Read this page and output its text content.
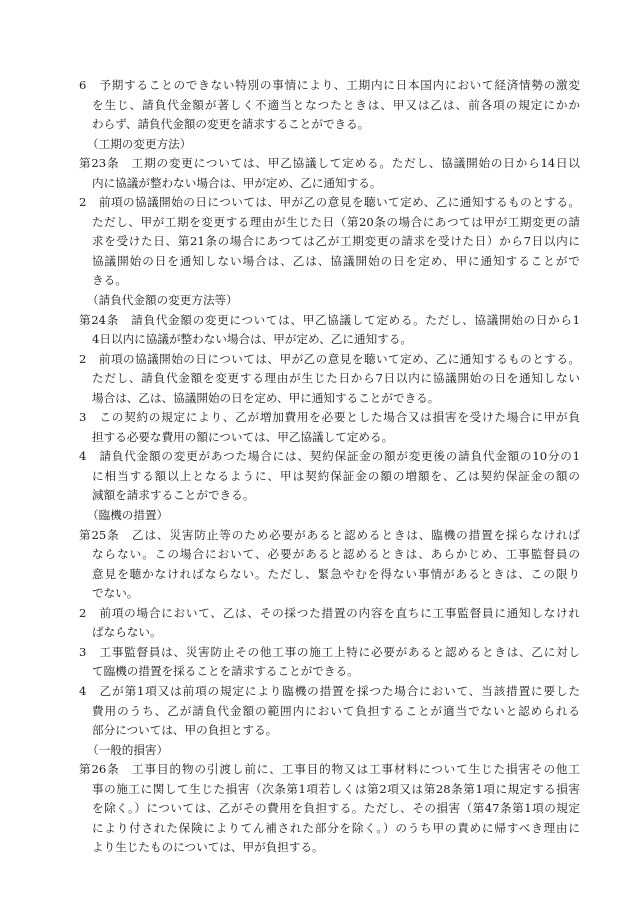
6　予期することのできない特別の事情により、工期内に日本国内において経済情勢の激変
を生じ、請負代金額が著しく不適当となつたときは、甲又は乙は、前各項の規定にかか
わらず、請負代金額の変更を請求することができる。
（工期の変更方法）
第23条　工期の変更については、甲乙協議して定める。ただし、協議開始の日から14日以
内に協議が整わない場合は、甲が定め、乙に通知する。
2　前項の協議開始の日については、甲が乙の意見を聴いて定め、乙に通知するものとする。
ただし、甲が工期を変更する理由が生じた日（第20条の場合にあつては甲が工期変更の請
求を受けた日、第21条の場合にあつては乙が工期変更の請求を受けた日）から7日以内に
協議開始の日を通知しない場合は、乙は、協議開始の日を定め、甲に通知することがで
きる。
（請負代金額の変更方法等）
第24条　請負代金額の変更については、甲乙協議して定める。ただし、協議開始の日から1
4日以内に協議が整わない場合は、甲が定め、乙に通知する。
2　前項の協議開始の日については、甲が乙の意見を聴いて定め、乙に通知するものとする。
ただし、請負代金額を変更する理由が生じた日から7日以内に協議開始の日を通知しない
場合は、乙は、協議開始の日を定め、甲に通知することができる。
3　この契約の規定により、乙が増加費用を必要とした場合又は損害を受けた場合に甲が負
担する必要な費用の額については、甲乙協議して定める。
4　請負代金額の変更があつた場合には、契約保証金の額が変更後の請負代金額の10分の1
に相当する額以上となるように、甲は契約保証金の額の増額を、乙は契約保証金の額の
減額を請求することができる。
（臨機の措置）
第25条　乙は、災害防止等のため必要があると認めるときは、臨機の措置を採らなければ
ならない。この場合において、必要があると認めるときは、あらかじめ、工事監督員の
意見を聴かなければならない。ただし、緊急やむを得ない事情があるときは、この限り
でない。
2　前項の場合において、乙は、その採つた措置の内容を直ちに工事監督員に通知しなけれ
ばならない。
3　工事監督員は、災害防止その他工事の施工上特に必要があると認めるときは、乙に対し
て臨機の措置を採ることを請求することができる。
4　乙が第1項又は前項の規定により臨機の措置を採つた場合において、当該措置に要した
費用のうち、乙が請負代金額の範囲内において負担することが適当でないと認められる
部分については、甲の負担とする。
（一般的損害）
第26条　工事目的物の引渡し前に、工事目的物又は工事材料について生じた損害その他工
事の施工に関して生じた損害（次条第1項若しくは第2項又は第28条第1項に規定する損害
を除く。）については、乙がその費用を負担する。ただし、その損害（第47条第1項の規定
により付された保険によりてん補された部分を除く。）のうち甲の責めに帰すべき理由に
より生じたものについては、甲が負担する。
